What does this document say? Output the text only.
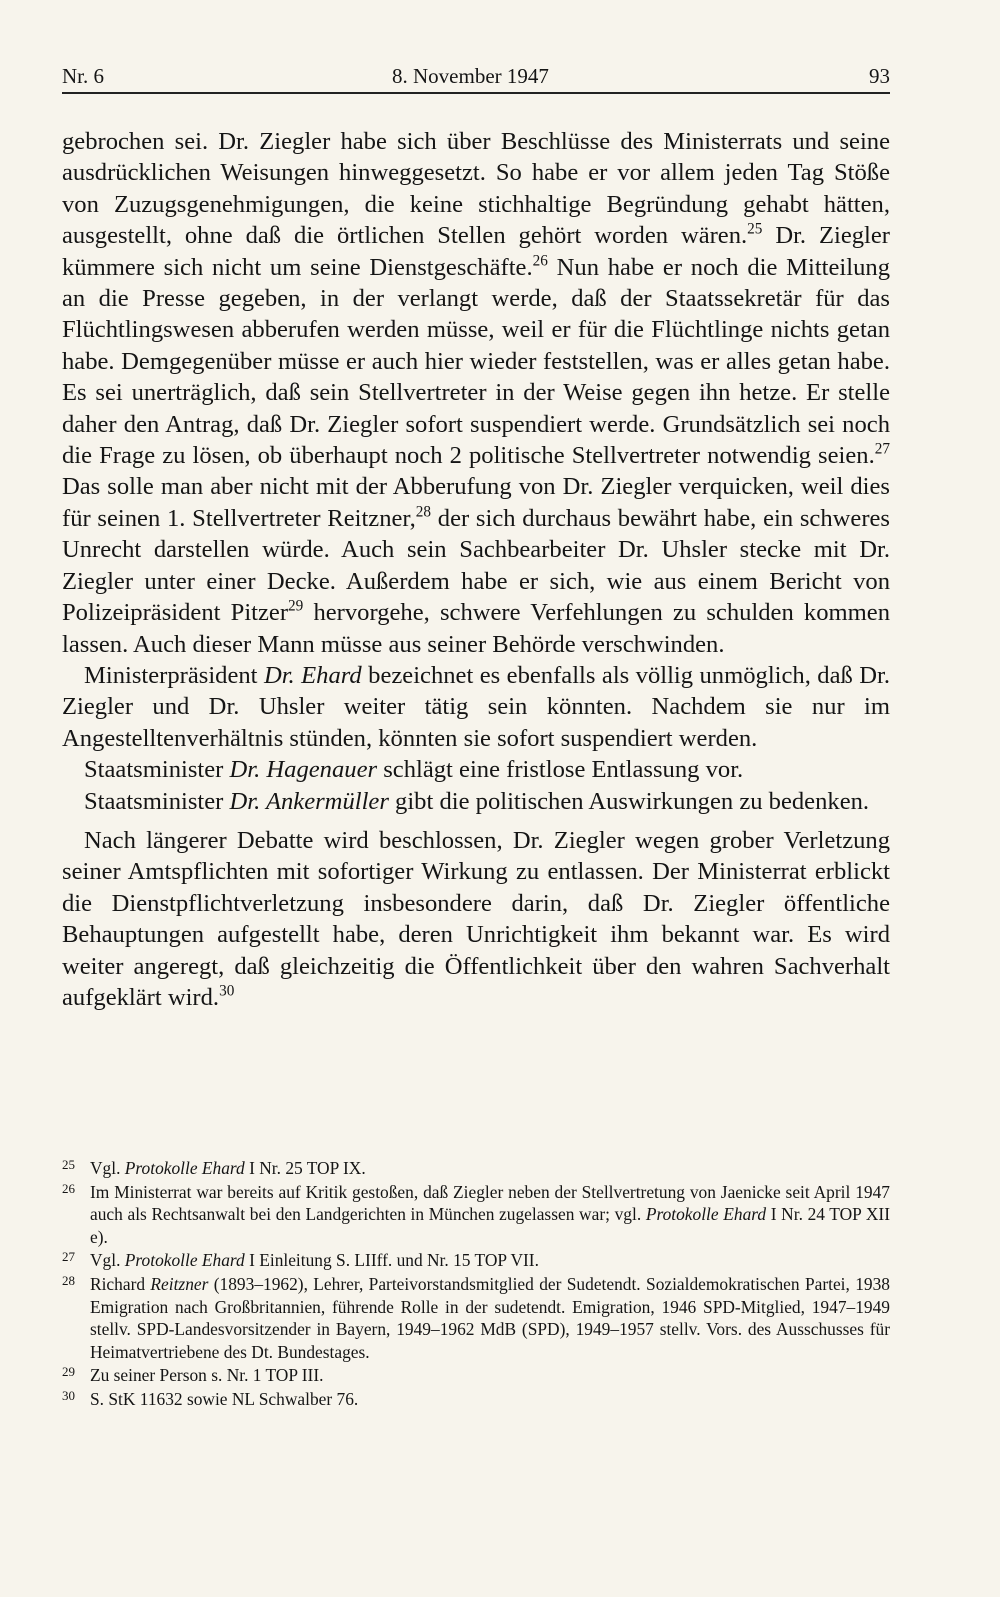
Nr. 6	8. November 1947	93

gebrochen sei. Dr. Ziegler habe sich über Beschlüsse des Ministerrats und seine ausdrücklichen Weisungen hinweggesetzt. So habe er vor allem jeden Tag Stöße von Zuzugsgenehmigungen, die keine stichhaltige Begründung gehabt hätten, ausgestellt, ohne daß die örtlichen Stellen gehört worden wären.$^{25}$ Dr. Ziegler kümmere sich nicht um seine Dienstgeschäfte.$^{26}$ Nun habe er noch die Mitteilung an die Presse gegeben, in der verlangt werde, daß der Staatssekretär für das Flüchtlingswesen abberufen werden müsse, weil er für die Flüchtlinge nichts getan habe. Demgegenüber müsse er auch hier wieder feststellen, was er alles getan habe. Es sei unerträglich, daß sein Stellvertreter in der Weise gegen ihn hetze. Er stelle daher den Antrag, daß Dr. Ziegler sofort suspendiert werde. Grundsätzlich sei noch die Frage zu lösen, ob überhaupt noch 2 politische Stellvertreter notwendig seien.$^{27}$ Das solle man aber nicht mit der Abberufung von Dr. Ziegler verquicken, weil dies für seinen 1. Stellvertreter Reitzner,$^{28}$ der sich durchaus bewährt habe, ein schweres Unrecht darstellen würde. Auch sein Sachbearbeiter Dr. Uhsler stecke mit Dr. Ziegler unter einer Decke. Außerdem habe er sich, wie aus einem Bericht von Polizeipräsident Pitzer$^{29}$ hervorgehe, schwere Verfehlungen zu schulden kommen lassen. Auch dieser Mann müsse aus seiner Behörde verschwinden.

Ministerpräsident Dr. Ehard bezeichnet es ebenfalls als völlig unmöglich, daß Dr. Ziegler und Dr. Uhsler weiter tätig sein könnten. Nachdem sie nur im Angestelltenverhältnis stünden, könnten sie sofort suspendiert werden.

Staatsminister Dr. Hagenauer schlägt eine fristlose Entlassung vor.

Staatsminister Dr. Ankermüller gibt die politischen Auswirkungen zu bedenken.

Nach längerer Debatte wird beschlossen, Dr. Ziegler wegen grober Verletzung seiner Amtspflichten mit sofortiger Wirkung zu entlassen. Der Ministerrat erblickt die Dienstpflichtverletzung insbesondere darin, daß Dr. Ziegler öffentliche Behauptungen aufgestellt habe, deren Unrichtigkeit ihm bekannt war. Es wird weiter angeregt, daß gleichzeitig die Öffentlichkeit über den wahren Sachverhalt aufgeklärt wird.$^{30}$

25 Vgl. Protokolle Ehard I Nr. 25 TOP IX.
26 Im Ministerrat war bereits auf Kritik gestoßen, daß Ziegler neben der Stellvertretung von Jaenicke seit April 1947 auch als Rechtsanwalt bei den Landgerichten in München zugelassen war; vgl. Protokolle Ehard I Nr. 24 TOP XII e).
27 Vgl. Protokolle Ehard I Einleitung S. LIIff. und Nr. 15 TOP VII.
28 Richard Reitzner (1893–1962), Lehrer, Parteivorstandsmitglied der Sudetendt. Sozialdemokratischen Partei, 1938 Emigration nach Großbritannien, führende Rolle in der sudetendt. Emigration, 1946 SPD-Mitglied, 1947–1949 stellv. SPD-Landesvorsitzender in Bayern, 1949–1962 MdB (SPD), 1949–1957 stellv. Vors. des Ausschusses für Heimatvertriebene des Dt. Bundestages.
29 Zu seiner Person s. Nr. 1 TOP III.
30 S. StK 11632 sowie NL Schwalber 76.
